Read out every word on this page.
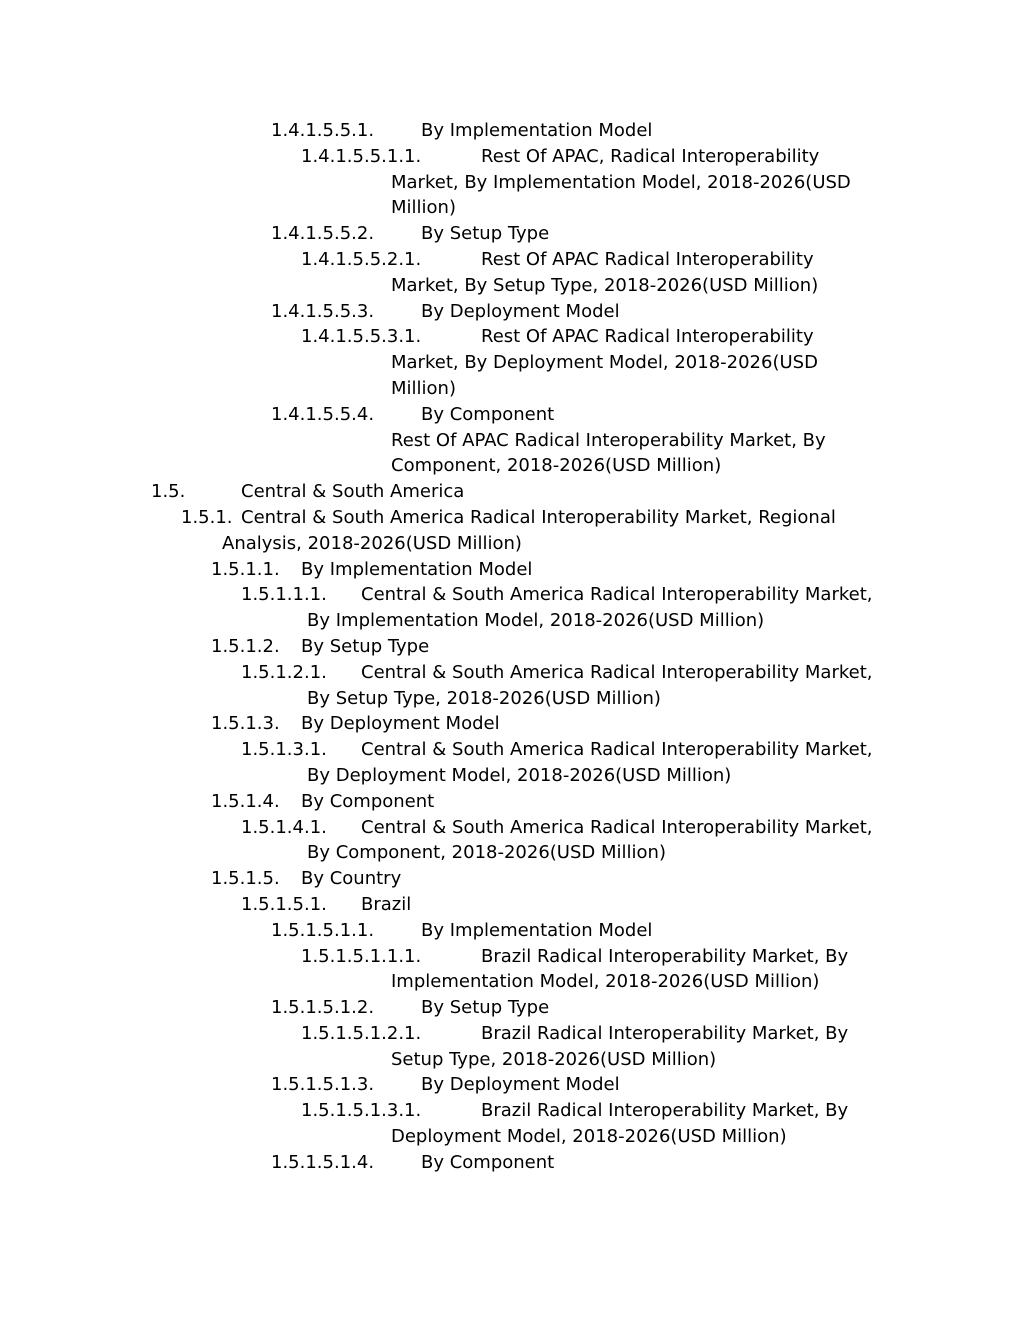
1.4.1.5.5.1.	By Implementation Model
1.4.1.5.5.1.1.	Rest Of APAC, Radical Interoperability
Market, By Implementation Model, 2018-2026(USD Million)
1.4.1.5.5.2.	By Setup Type
1.4.1.5.5.2.1.	Rest Of APAC Radical Interoperability
Market, By Setup Type, 2018-2026(USD Million)
1.4.1.5.5.3.	By Deployment Model
1.4.1.5.5.3.1.	Rest Of APAC Radical Interoperability
Market, By Deployment Model, 2018-2026(USD Million)
1.4.1.5.5.4.	By Component
Rest Of APAC Radical Interoperability Market, By Component, 2018-2026(USD Million)
1.5.	Central & South America
1.5.1. Central & South America Radical Interoperability Market, Regional
Analysis, 2018-2026(USD Million)
1.5.1.1.	By Implementation Model
1.5.1.1.1.	Central & South America Radical Interoperability Market,
By Implementation Model, 2018-2026(USD Million)
1.5.1.2.	By Setup Type
1.5.1.2.1.	Central & South America Radical Interoperability Market,
By Setup Type, 2018-2026(USD Million)
1.5.1.3.	By Deployment Model
1.5.1.3.1.	Central & South America Radical Interoperability Market,
By Deployment Model, 2018-2026(USD Million)
1.5.1.4.	By Component
1.5.1.4.1.	Central & South America Radical Interoperability Market,
By Component, 2018-2026(USD Million)
1.5.1.5.	By Country
1.5.1.5.1.	Brazil
1.5.1.5.1.1.	By Implementation Model
1.5.1.5.1.1.1.	Brazil Radical Interoperability Market, By
Implementation Model, 2018-2026(USD Million)
1.5.1.5.1.2.	By Setup Type
1.5.1.5.1.2.1.	Brazil Radical Interoperability Market, By
Setup Type, 2018-2026(USD Million)
1.5.1.5.1.3.	By Deployment Model
1.5.1.5.1.3.1.	Brazil Radical Interoperability Market, By
Deployment Model, 2018-2026(USD Million)
1.5.1.5.1.4.	By Component
